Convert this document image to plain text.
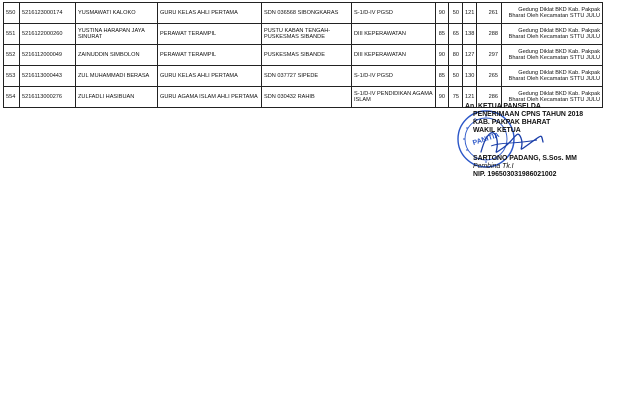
550	5216123000174	YUSMAWATI KALOKO	GURU KELAS AHLI PERTAMA	SDN 036568 SIBONGKARAS	S-1/D-IV PGSD	90	50	121	261	Gedung Diklat BKD Kab. Pakpak Bharat Oleh Kecamatan STTU JULU
551	5216122000260	YUSTINA HARAPAN JAYA SINURAT	PERAWAT TERAMPIL	PUSTU KABAN TENGAH-PUSKESMAS SIBANDE	DIII KEPERAWATAN	85	65	138	288	Gedung Diklat BKD Kab. Pakpak Bharat Oleh Kecamatan STTU JULU
552	5216112000049	ZAINUDDIN SIMBOLON	PERAWAT TERAMPIL	PUSKESMAS SIBANDE	DIII KEPERAWATAN	90	80	127	297	Gedung Diklat BKD Kab. Pakpak Bharat Oleh Kecamatan STTU JULU
553	5216113000443	ZUL MUHAMMADI BERASA	GURU KELAS AHLI PERTAMA	SDN 037727 SIPEDE	S-1/D-IV PGSD	85	50	130	265	Gedung Diklat BKD Kab. Pakpak Bharat Oleh Kecamatan STTU JULU
554	5216113000276	ZULFADLI HASIBUAN	GURU AGAMA ISLAM AHLI PERTAMA	SDN 030432 RAHIB	S-1/D-IV PENDIDIKAN AGAMA ISLAM	90	75	121	286	Gedung Diklat BKD Kab. Pakpak Bharat Oleh Kecamatan STTU JULU
PANITIA
An. KETUA PANSELDA
PENERIMAAN CPNS TAHUN 2018
KAB. PAKPAK BHARAT
WAKIL KETUA
SARTONO PADANG, S.Sos. MM
Pembina Tk.I
NIP. 196503031986021002
